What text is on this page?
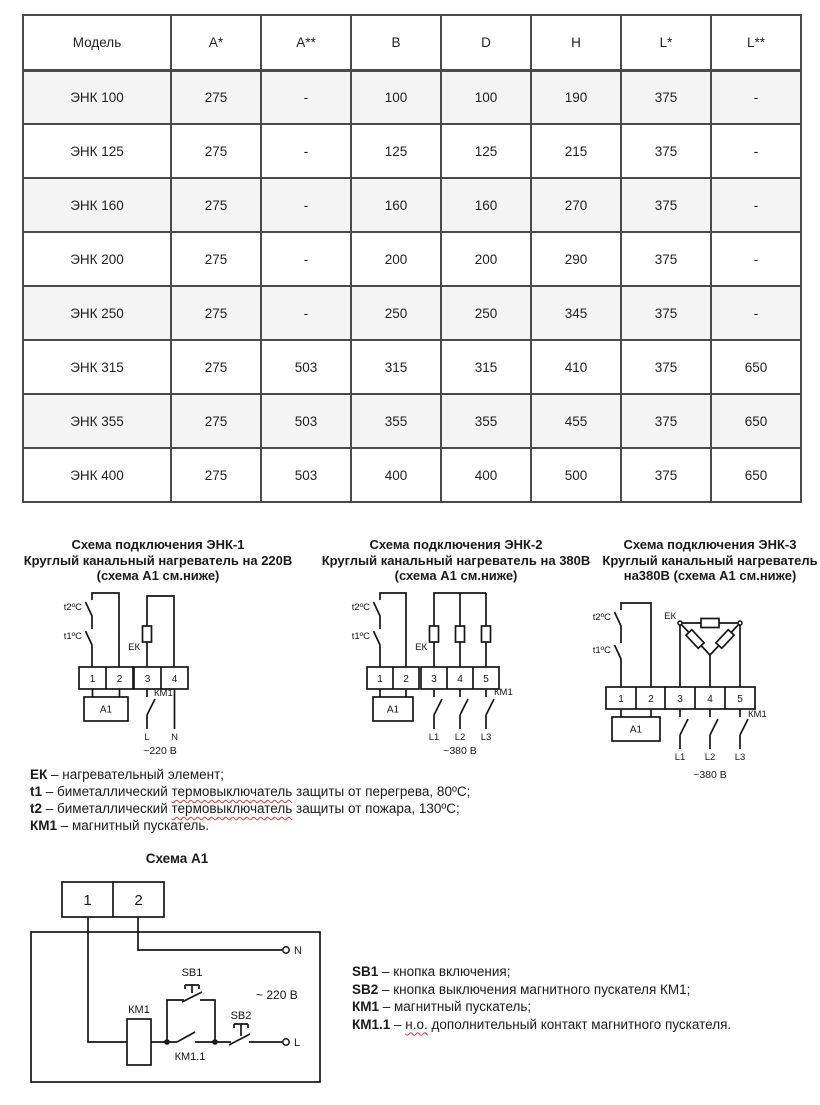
Модель	A*	A**	B	D	H	L*	L**
ЭНК 100	275	-	100	100	190	375	-
ЭНК 125	275	-	125	125	215	375	-
ЭНК 160	275	-	160	160	270	375	-
ЭНК 200	275	-	200	200	290	375	-
ЭНК 250	275	-	250	250	345	375	-
ЭНК 315	275	503	315	315	410	375	650
ЭНК 355	275	503	355	355	455	375	650
ЭНК 400	275	503	400	400	500	375	650
Схема подключения ЭНК-1
Круглый канальный нагреватель на 220В
(схема А1 см.ниже)
Схема подключения ЭНК-2
Круглый канальный нагреватель на 380В
(схема А1 см.ниже)
Схема подключения ЭНК-3
Круглый канальный нагреватель
на380В (схема А1 см.ниже)
1 2 3 4
А1
t2ºС
t1ºС
ЕК
КМ1
L N
~220 В
1 2 3 4 5
А1
t2ºС
t1ºС
ЕК
КМ1
L1 L2 L3
~380 В
1 2 3 4 5
А1
t2ºС
t1ºС
ЕК
КМ1
L1 L2 L3
~380 В
ЕК – нагревательный элемент;
t1 – биметаллический термовыключатель защиты от перегрева, 80ºС;
t2 – биметаллический термовыключатель защиты от пожара, 130ºС;
КМ1 – магнитный пускатель.
Схема А1
1	2
N
L
КМ1
SB1
SB2
КМ1.1
~ 220 В
SB1 – кнопка включения;
SB2 – кнопка выключения магнитного пускателя КМ1;
КМ1 – магнитный пускатель;
КМ1.1 – н.о. дополнительный контакт магнитного пускателя.
